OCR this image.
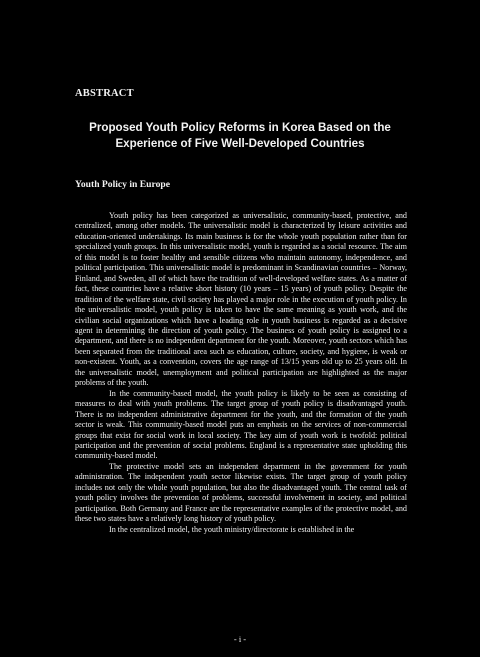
ABSTRACT
Proposed Youth Policy Reforms in Korea Based on the
Experience of Five Well-Developed Countries
Youth Policy in Europe

Youth policy has been categorized as universalistic, community-based, protective, and centralized, among other models. The universalistic model is characterized by leisure activities and education-oriented undertakings. Its main business is for the whole youth population rather than for specialized youth groups. In this universalistic model, youth is regarded as a social resource. The aim of this model is to foster healthy and sensible citizens who maintain autonomy, independence, and political participation. This universalistic model is predominant in Scandinavian countries – Norway, Finland, and Sweden, all of which have the tradition of well-developed welfare states. As a matter of fact, these countries have a relative short history (10 years – 15 years) of youth policy. Despite the tradition of the welfare state, civil society has played a major role in the execution of youth policy. In the universalistic model, youth policy is taken to have the same meaning as youth work, and the civilian social organizations which have a leading role in youth business is regarded as a decisive agent in determining the direction of youth policy. The business of youth policy is assigned to a department, and there is no independent department for the youth. Moreover, youth sectors which has been separated from the traditional area such as education, culture, society, and hygiene, is weak or non-existent. Youth, as a convention, covers the age range of 13/15 years old up to 25 years old. In the universalistic model, unemployment and political participation are highlighted as the major problems of the youth.

In the community-based model, the youth policy is likely to be seen as consisting of measures to deal with youth problems. The target group of youth policy is disadvantaged youth. There is no independent administrative department for the youth, and the formation of the youth sector is weak. This community-based model puts an emphasis on the services of non-commercial groups that exist for social work in local society. The key aim of youth work is twofold: political participation and the prevention of social problems. England is a representative state upholding this community-based model.

The protective model sets an independent department in the government for youth administration. The independent youth sector likewise exists. The target group of youth policy includes not only the whole youth population, but also the disadvantaged youth. The central task of youth policy involves the prevention of problems, successful involvement in society, and political participation. Both Germany and France are the representative examples of the protective model, and these two states have a relatively long history of youth policy.

In the centralized model, the youth ministry/directorate is established in the

- i -
